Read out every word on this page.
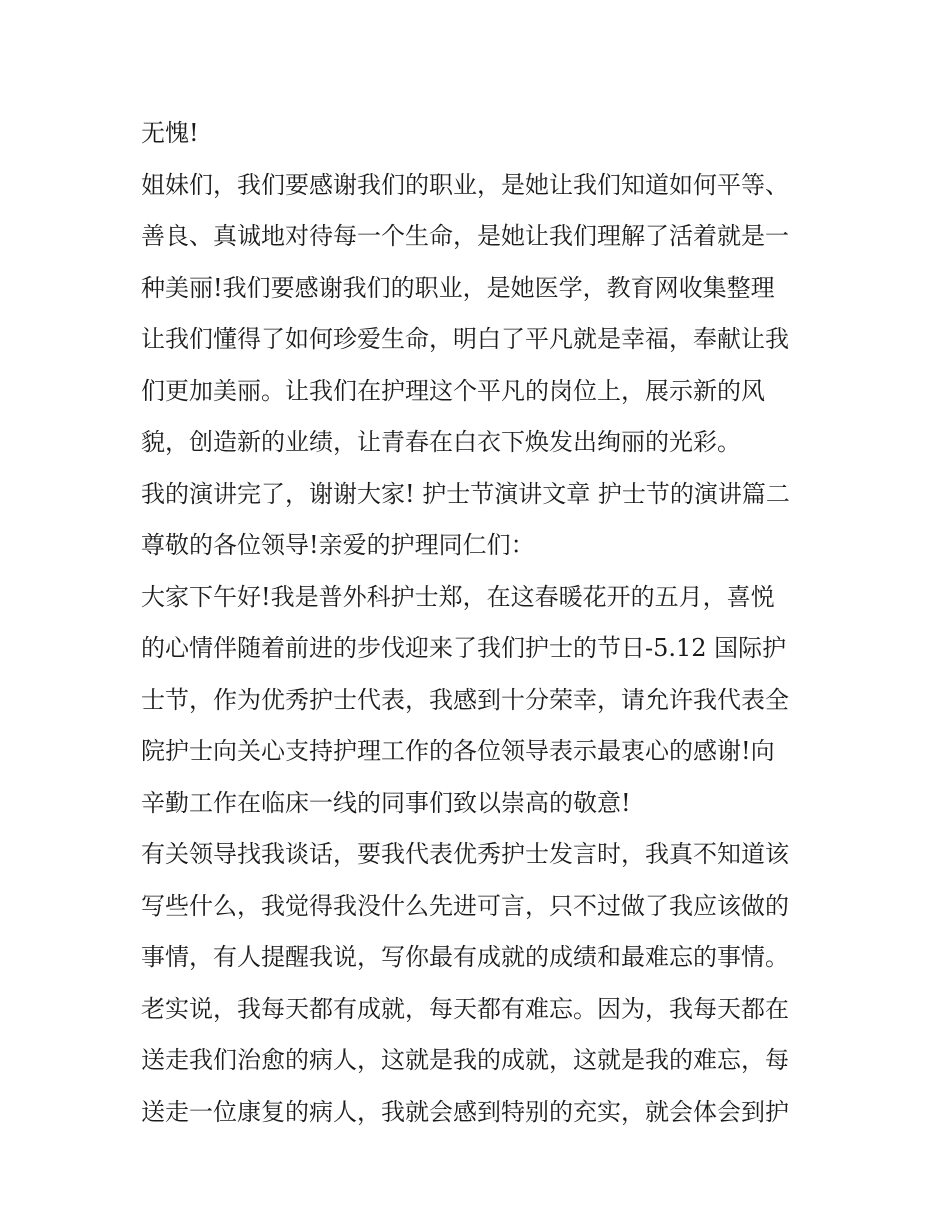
无愧!
姐妹们，我们要感谢我们的职业，是她让我们知道如何平等、
善良、真诚地对待每一个生命，是她让我们理解了活着就是一
种美丽!我们要感谢我们的职业，是她医学，教育网收集整理
让我们懂得了如何珍爱生命，明白了平凡就是幸福，奉献让我
们更加美丽。让我们在护理这个平凡的岗位上，展示新的风
貌，创造新的业绩，让青春在白衣下焕发出绚丽的光彩。
我的演讲完了，谢谢大家! 护士节演讲文章 护士节的演讲篇二
尊敬的各位领导!亲爱的护理同仁们：
大家下午好!我是普外科护士郑，在这春暖花开的五月，喜悦
的心情伴随着前进的步伐迎来了我们护士的节日-5.12 国际护
士节，作为优秀护士代表，我感到十分荣幸，请允许我代表全
院护士向关心支持护理工作的各位领导表示最衷心的感谢!向
辛勤工作在临床一线的同事们致以崇高的敬意!
有关领导找我谈话，要我代表优秀护士发言时，我真不知道该
写些什么，我觉得我没什么先进可言，只不过做了我应该做的
事情，有人提醒我说，写你最有成就的成绩和最难忘的事情。
老实说，我每天都有成就，每天都有难忘。因为，我每天都在
送走我们治愈的病人，这就是我的成就，这就是我的难忘，每
送走一位康复的病人，我就会感到特别的充实，就会体会到护
